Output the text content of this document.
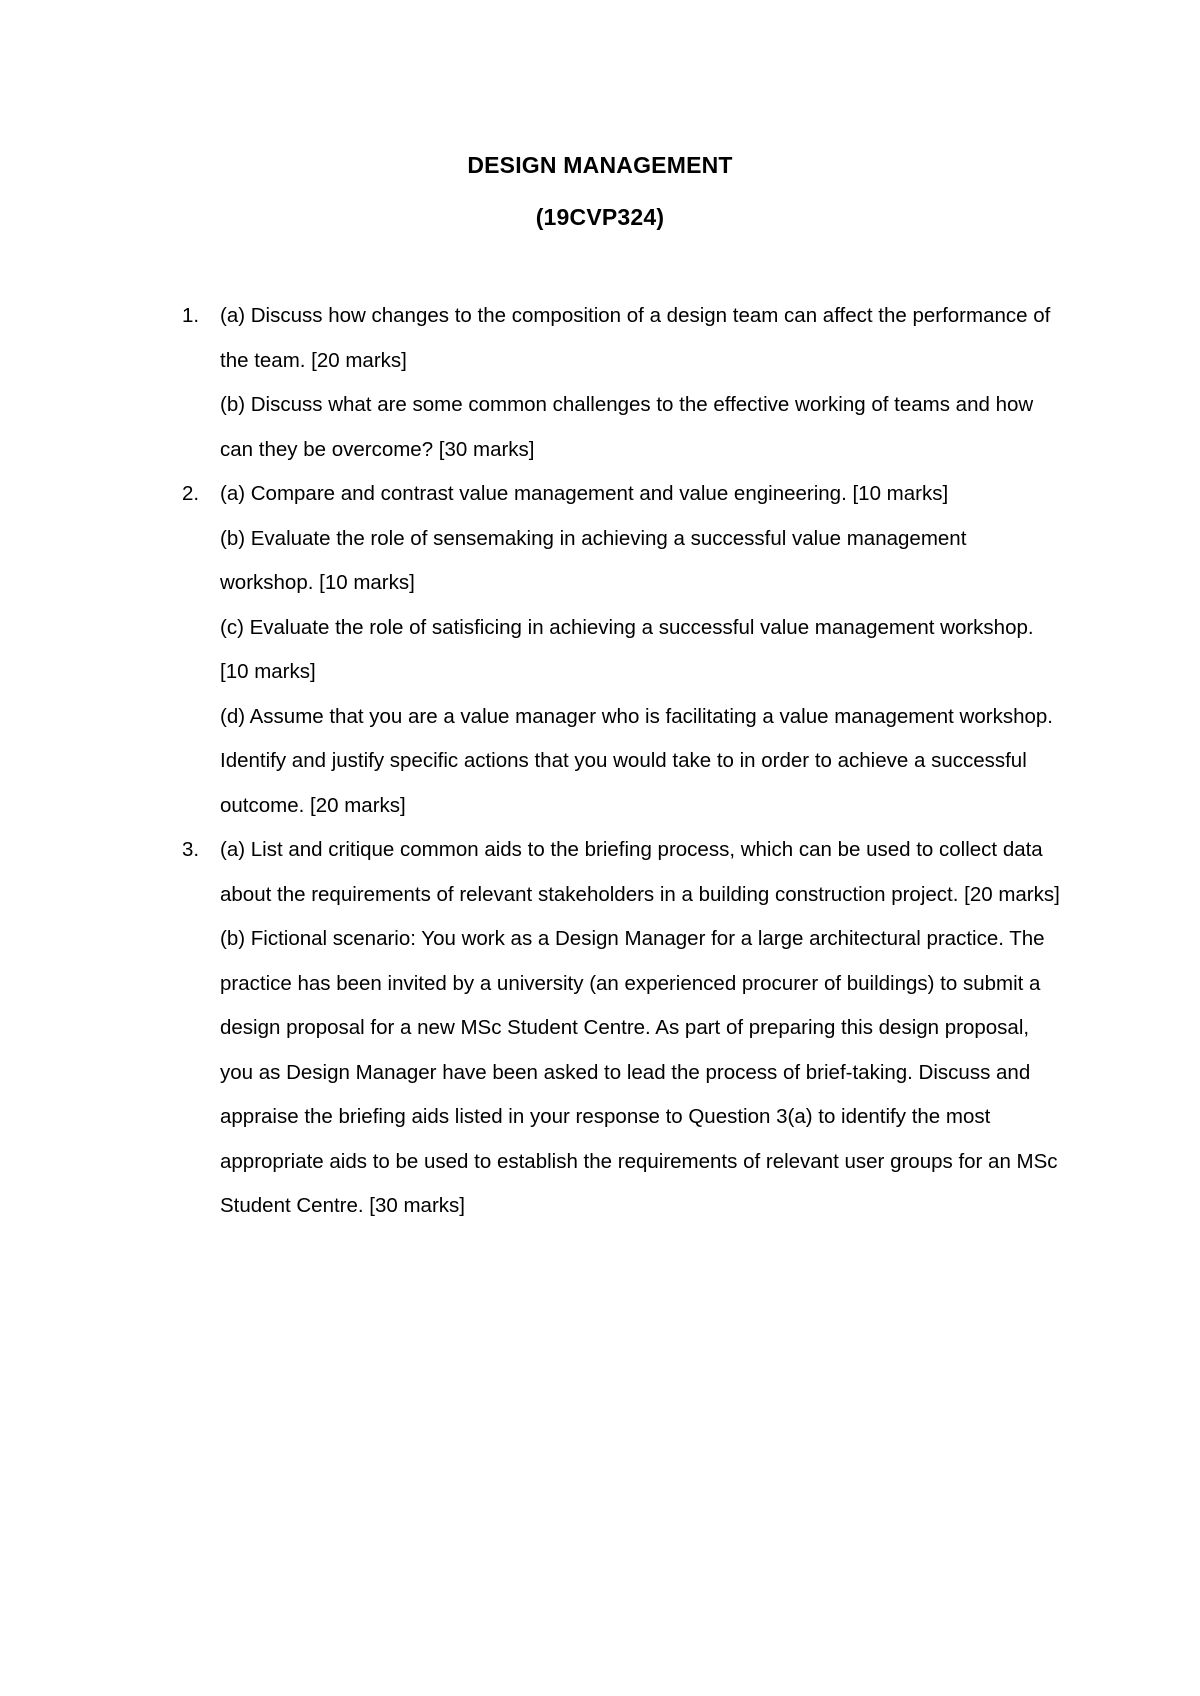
DESIGN MANAGEMENT
(19CVP324)
1.	(a) Discuss how changes to the composition of a design team can affect the performance of the team. [20 marks]

(b) Discuss what are some common challenges to the effective working of teams and how can they be overcome? [30 marks]

2.	(a) Compare and contrast value management and value engineering. [10 marks]

(b) Evaluate the role of sensemaking in achieving a successful value management workshop. [10 marks]

(c) Evaluate the role of satisficing in achieving a successful value management workshop. [10 marks]

(d) Assume that you are a value manager who is facilitating a value management workshop. Identify and justify specific actions that you would take to in order to achieve a successful outcome. [20 marks]

3.	(a) List and critique common aids to the briefing process, which can be used to collect data about the requirements of relevant stakeholders in a building construction project. [20 marks]

(b) Fictional scenario: You work as a Design Manager for a large architectural practice. The practice has been invited by a university (an experienced procurer of buildings) to submit a design proposal for a new MSc Student Centre. As part of preparing this design proposal, you as Design Manager have been asked to lead the process of brief-taking. Discuss and appraise the briefing aids listed in your response to Question 3(a) to identify the most appropriate aids to be used to establish the requirements of relevant user groups for an MSc Student Centre. [30 marks]
